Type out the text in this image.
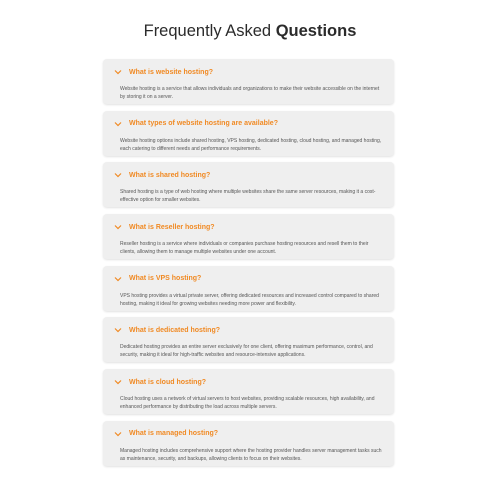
Frequently Asked Questions
What is website hosting?
Website hosting is a service that allows individuals and organizations to make their website accessible on the internet by storing it on a server.
What types of website hosting are available?
Website hosting options include shared hosting, VPS hosting, dedicated hosting, cloud hosting, and managed hosting, each catering to different needs and performance requirements.
What is shared hosting?
Shared hosting is a type of web hosting where multiple websites share the same server resources, making it a cost-effective option for smaller websites.
What is Reseller hosting?
Reseller hosting is a service where individuals or companies purchase hosting resources and resell them to their clients, allowing them to manage multiple websites under one account.
What is VPS hosting?
VPS hosting provides a virtual private server, offering dedicated resources and increased control compared to shared hosting, making it ideal for growing websites needing more power and flexibility.
What is dedicated hosting?
Dedicated hosting provides an entire server exclusively for one client, offering maximum performance, control, and security, making it ideal for high-traffic websites and resource-intensive applications.
What is cloud hosting?
Cloud hosting uses a network of virtual servers to host websites, providing scalable resources, high availability, and enhanced performance by distributing the load across multiple servers.
What is managed hosting?
Managed hosting includes comprehensive support where the hosting provider handles server management tasks such as maintenance, security, and backups, allowing clients to focus on their websites.
